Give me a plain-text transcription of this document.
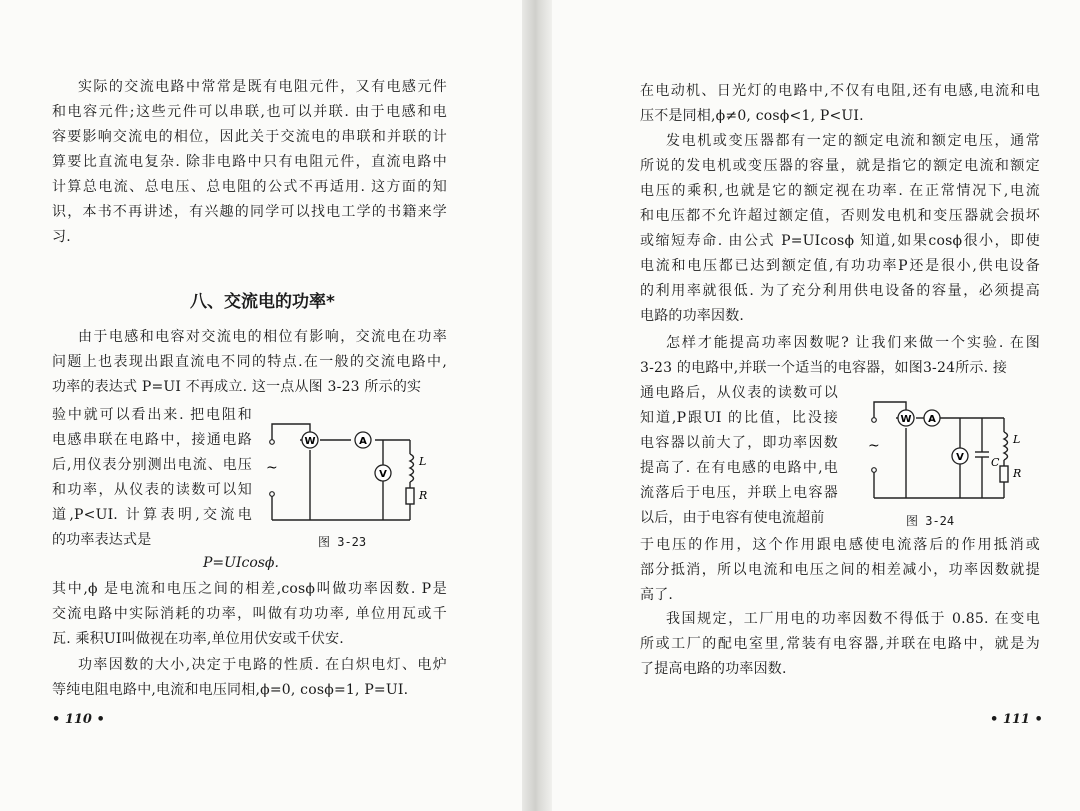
实际的交流电路中常常是既有电阻元件，又有电感元件
和电容元件;这些元件可以串联,也可以并联. 由于电感和电
容要影响交流电的相位，因此关于交流电的串联和并联的计
算要比直流电复杂. 除非电路中只有电阻元件，直流电路中
计算总电流、总电压、总电阻的公式不再适用. 这方面的知
识，本书不再讲述，有兴趣的同学可以找电工学的书籍来学
习.
八、交流电的功率*
由于电感和电容对交流电的相位有影响，交流电在功率
问题上也表现出跟直流电不同的特点.在一般的交流电路中,
功率的表达式 P=UI 不再成立. 这一点从图 3-23 所示的实
验中就可以看出来. 把电阻和
电感串联在电路中，接通电路
后,用仪表分别测出电流、电压
和功率，从仪表的读数可以知
道,P<UI. 计算表明,交流电
的功率表达式是
~
W	A
V
L
R
图 3-23
P=UIcosϕ.
其中,ϕ 是电流和电压之间的相差,cosϕ叫做功率因数. P是
交流电路中实际消耗的功率，叫做有功功率, 单位用瓦或千
瓦. 乘积UI叫做视在功率,单位用伏安或千伏安.
功率因数的大小,决定于电路的性质. 在白炽电灯、电炉
等纯电阻电路中,电流和电压同相,ϕ=0, cosϕ=1, P=UI.
• 110 •
在电动机、日光灯的电路中,不仅有电阻,还有电感,电流和电
压不是同相,ϕ≠0, cosϕ<1, P<UI.
发电机或变压器都有一定的额定电流和额定电压，通常
所说的发电机或变压器的容量，就是指它的额定电流和额定
电压的乘积,也就是它的额定视在功率. 在正常情况下,电流
和电压都不允许超过额定值，否则发电机和变压器就会损坏
或缩短寿命. 由公式 P=UIcosϕ 知道,如果cosϕ很小，即使
电流和电压都已达到额定值,有功功率P还是很小,供电设备
的利用率就很低. 为了充分利用供电设备的容量，必须提高
电路的功率因数.
怎样才能提高功率因数呢? 让我们来做一个实验. 在图
3-23 的电路中,并联一个适当的电容器，如图3-24所示. 接
通电路后，从仪表的读数可以
知道,P跟UI 的比值，比没接
电容器以前大了，即功率因数
提高了. 在有电感的电路中,电
流落后于电压，并联上电容器
以后，由于电容有使电流超前
~
W A
V C
L
R
图 3-24
于电压的作用，这个作用跟电感使电流落后的作用抵消或
部分抵消，所以电流和电压之间的相差减小，功率因数就提
高了.
我国规定，工厂用电的功率因数不得低于 0.85. 在变电
所或工厂的配电室里,常装有电容器,并联在电路中，就是为
了提高电路的功率因数.
• 111 •
